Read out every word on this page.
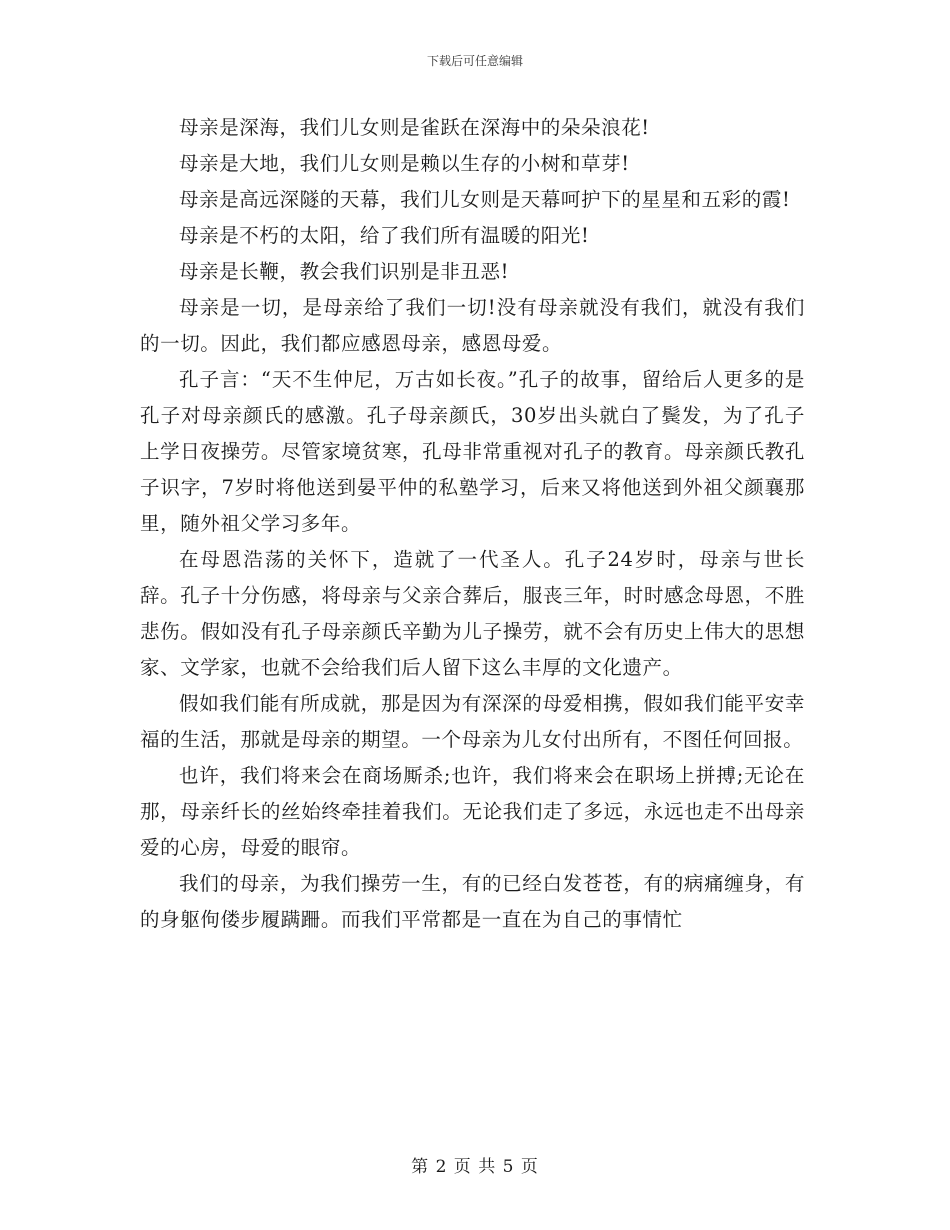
下载后可任意编辑

母亲是深海，我们儿女则是雀跃在深海中的朵朵浪花!

母亲是大地，我们儿女则是赖以生存的小树和草芽!

母亲是高远深隧的天幕，我们儿女则是天幕呵护下的星星和五彩的霞!

母亲是不朽的太阳，给了我们所有温暖的阳光!

母亲是长鞭，教会我们识别是非丑恶!

母亲是一切，是母亲给了我们一切!没有母亲就没有我们，就没有我们的一切。因此，我们都应感恩母亲，感恩母爱。

孔子言：“天不生仲尼，万古如长夜。”孔子的故事，留给后人更多的是孔子对母亲颜氏的感激。孔子母亲颜氏，30岁出头就白了鬓发，为了孔子上学日夜操劳。尽管家境贫寒，孔母非常重视对孔子的教育。母亲颜氏教孔子识字，7岁时将他送到晏平仲的私塾学习，后来又将他送到外祖父颜襄那里，随外祖父学习多年。

在母恩浩荡的关怀下，造就了一代圣人。孔子24岁时，母亲与世长辞。孔子十分伤感，将母亲与父亲合葬后，服丧三年，时时感念母恩，不胜悲伤。假如没有孔子母亲颜氏辛勤为儿子操劳，就不会有历史上伟大的思想家、文学家，也就不会给我们后人留下这么丰厚的文化遗产。

假如我们能有所成就，那是因为有深深的母爱相携，假如我们能平安幸福的生活，那就是母亲的期望。一个母亲为儿女付出所有，不图任何回报。

也许，我们将来会在商场厮杀;也许，我们将来会在职场上拼搏;无论在那，母亲纤长的丝始终牵挂着我们。无论我们走了多远，永远也走不出母亲爱的心房，母爱的眼帘。

我们的母亲，为我们操劳一生，有的已经白发苍苍，有的病痛缠身，有的身躯佝偻步履蹒跚。而我们平常都是一直在为自己的事情忙

第 2 页 共 5 页
